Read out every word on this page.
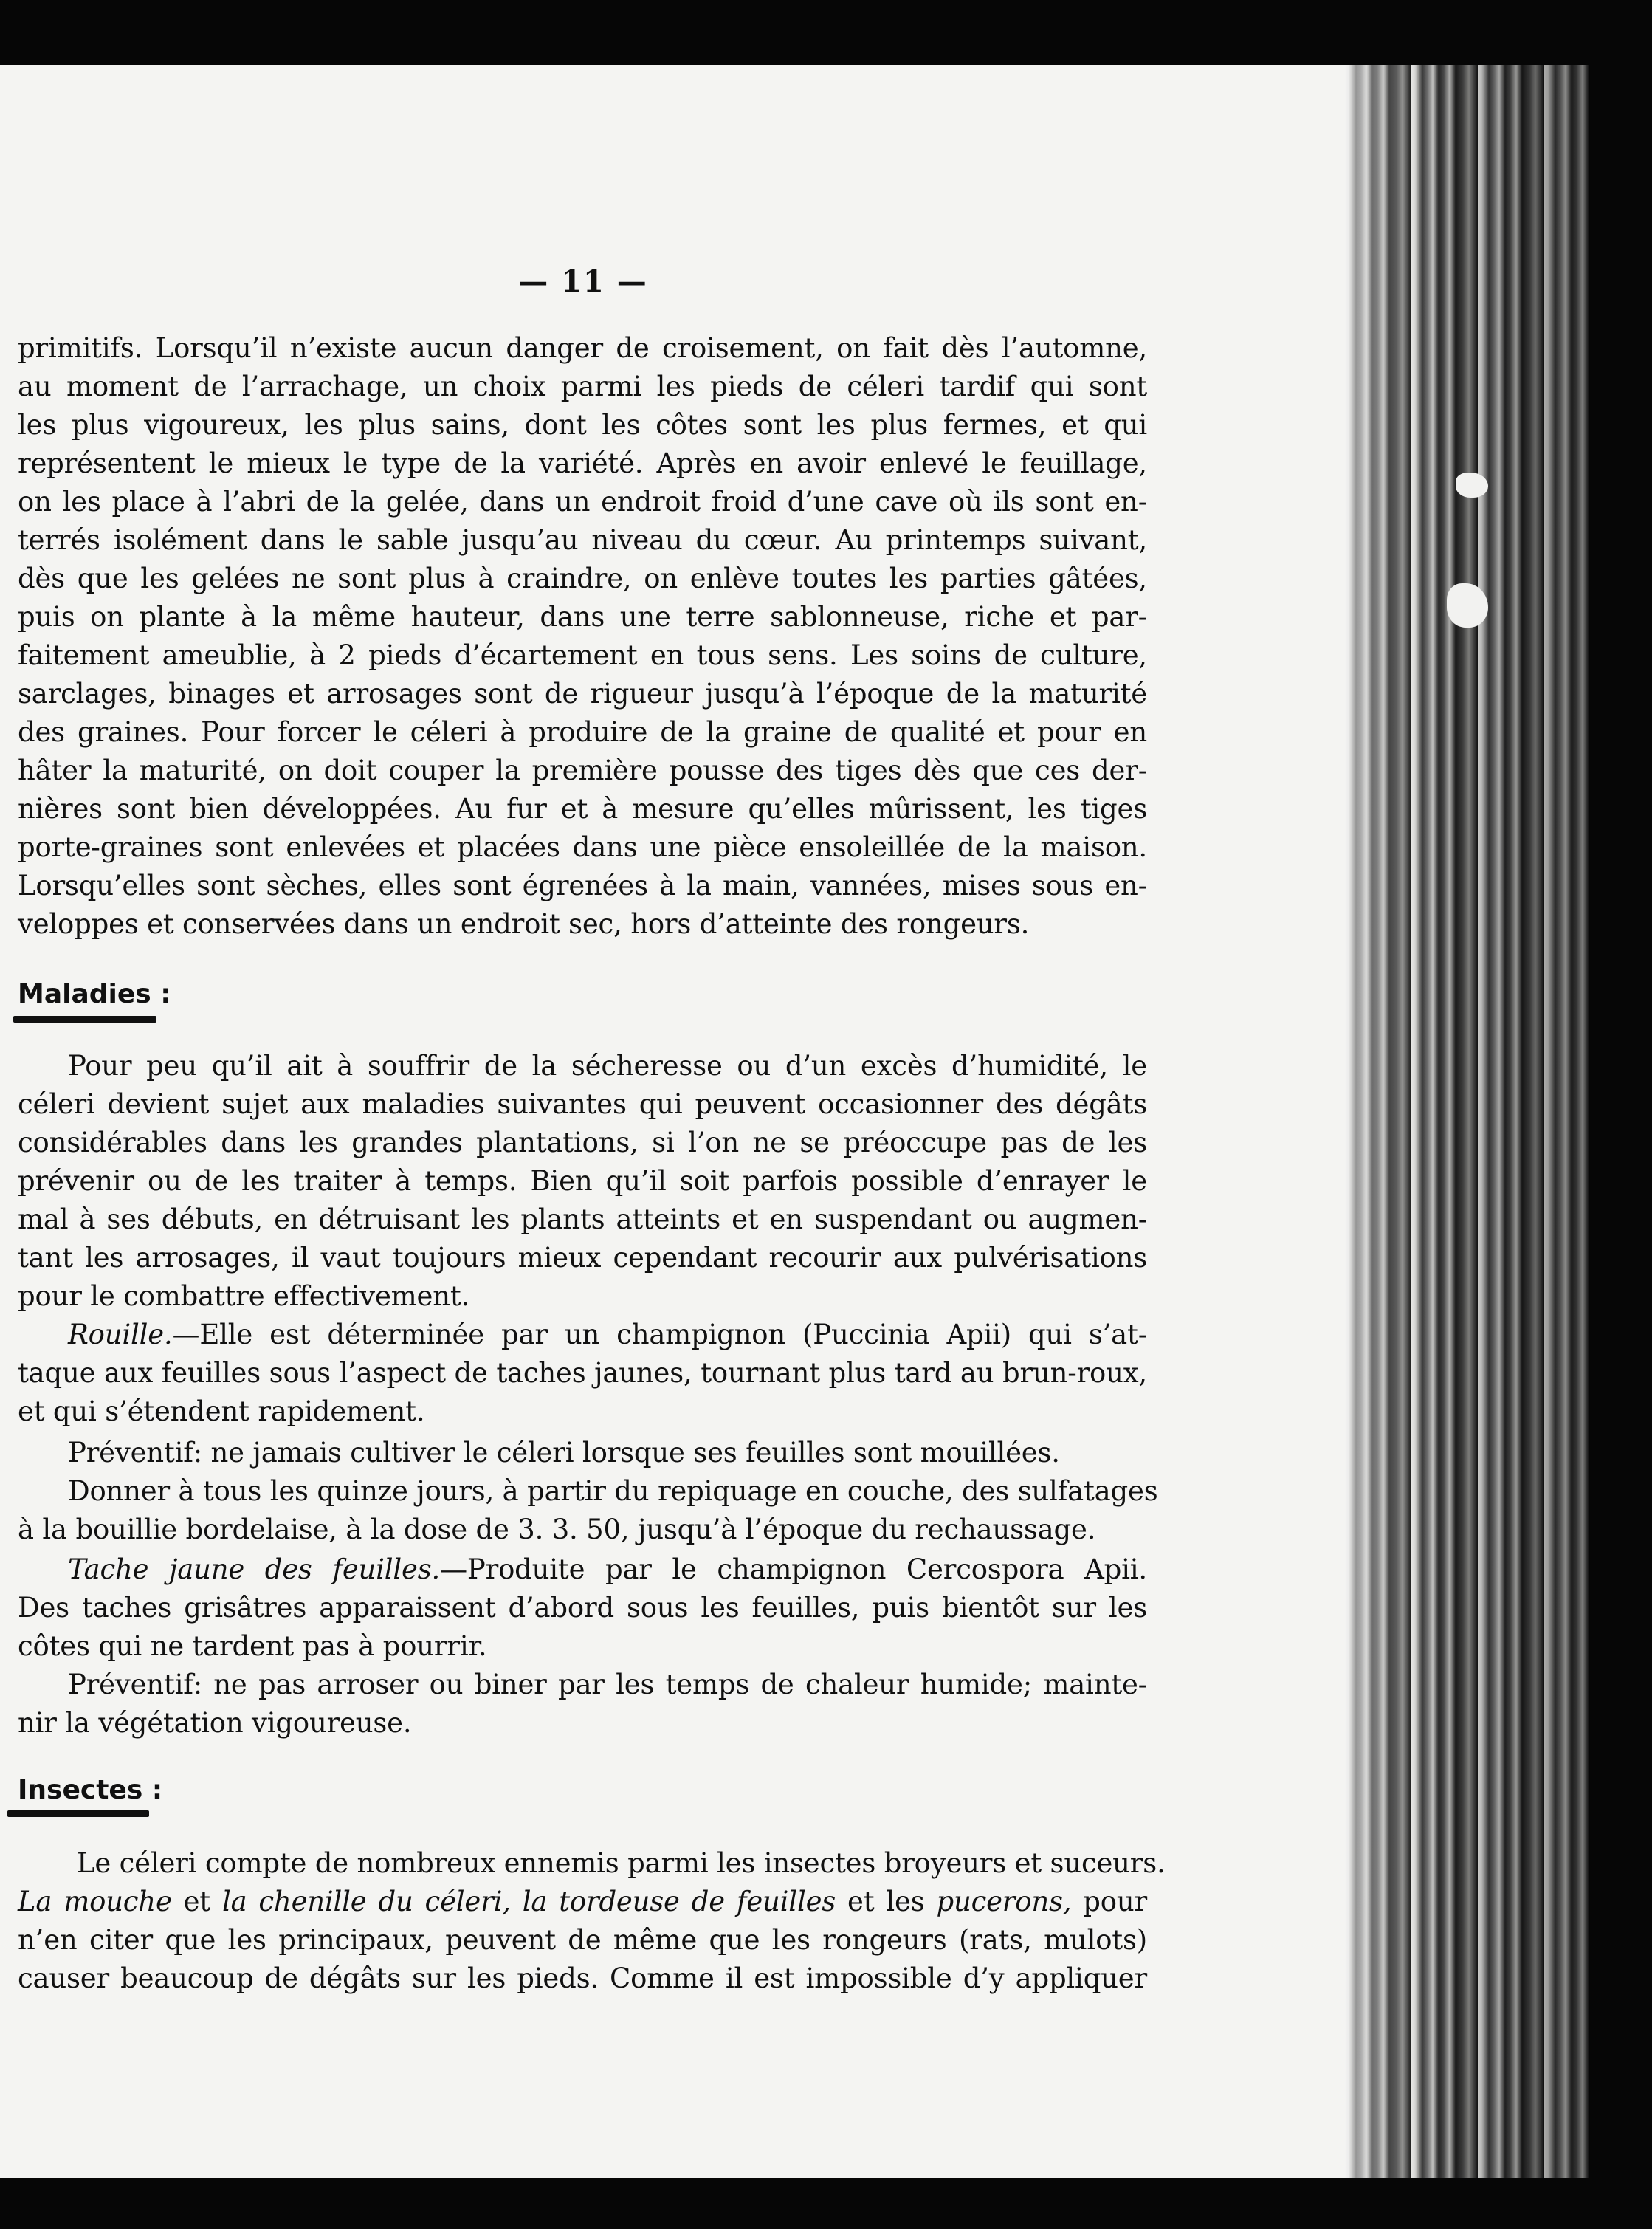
— 11 —
primitifs. Lorsqu’il n’existe aucun danger de croisement, on fait dès l’automne,
au moment de l’arrachage, un choix parmi les pieds de céleri tardif qui sont
les plus vigoureux, les plus sains, dont les côtes sont les plus fermes, et qui
représentent le mieux le type de la variété. Après en avoir enlevé le feuillage,
on les place à l’abri de la gelée, dans un endroit froid d’une cave où ils sont en-
terrés isolément dans le sable jusqu’au niveau du cœur. Au printemps suivant,
dès que les gelées ne sont plus à craindre, on enlève toutes les parties gâtées,
puis on plante à la même hauteur, dans une terre sablonneuse, riche et par-
faitement ameublie, à 2 pieds d’écartement en tous sens. Les soins de culture,
sarclages, binages et arrosages sont de rigueur jusqu’à l’époque de la maturité
des graines. Pour forcer le céleri à produire de la graine de qualité et pour en
hâter la maturité, on doit couper la première pousse des tiges dès que ces der-
nières sont bien développées. Au fur et à mesure qu’elles mûrissent, les tiges
porte-graines sont enlevées et placées dans une pièce ensoleillée de la maison.
Lorsqu’elles sont sèches, elles sont égrenées à la main, vannées, mises sous en-
veloppes et conservées dans un endroit sec, hors d’atteinte des rongeurs.
Maladies :
Pour peu qu’il ait à souffrir de la sécheresse ou d’un excès d’humidité, le
céleri devient sujet aux maladies suivantes qui peuvent occasionner des dégâts
considérables dans les grandes plantations, si l’on ne se préoccupe pas de les
prévenir ou de les traiter à temps. Bien qu’il soit parfois possible d’enrayer le
mal à ses débuts, en détruisant les plants atteints et en suspendant ou augmen-
tant les arrosages, il vaut toujours mieux cependant recourir aux pulvérisations
pour le combattre effectivement.
Rouille.—Elle est déterminée par un champignon (Puccinia Apii) qui s’at-
taque aux feuilles sous l’aspect de taches jaunes, tournant plus tard au brun-roux,
et qui s’étendent rapidement.
Préventif: ne jamais cultiver le céleri lorsque ses feuilles sont mouillées.
Donner à tous les quinze jours, à partir du repiquage en couche, des sulfatages
à la bouillie bordelaise, à la dose de 3. 3. 50, jusqu’à l’époque du rechaussage.
Tache jaune des feuilles.—Produite par le champignon Cercospora Apii.
Des taches grisâtres apparaissent d’abord sous les feuilles, puis bientôt sur les
côtes qui ne tardent pas à pourrir.
Préventif: ne pas arroser ou biner par les temps de chaleur humide; mainte-
nir la végétation vigoureuse.
Insectes :
Le céleri compte de nombreux ennemis parmi les insectes broyeurs et suceurs.
La mouche et la chenille du céleri, la tordeuse de feuilles et les pucerons, pour
n’en citer que les principaux, peuvent de même que les rongeurs (rats, mulots)
causer beaucoup de dégâts sur les pieds. Comme il est impossible d’y appliquer
